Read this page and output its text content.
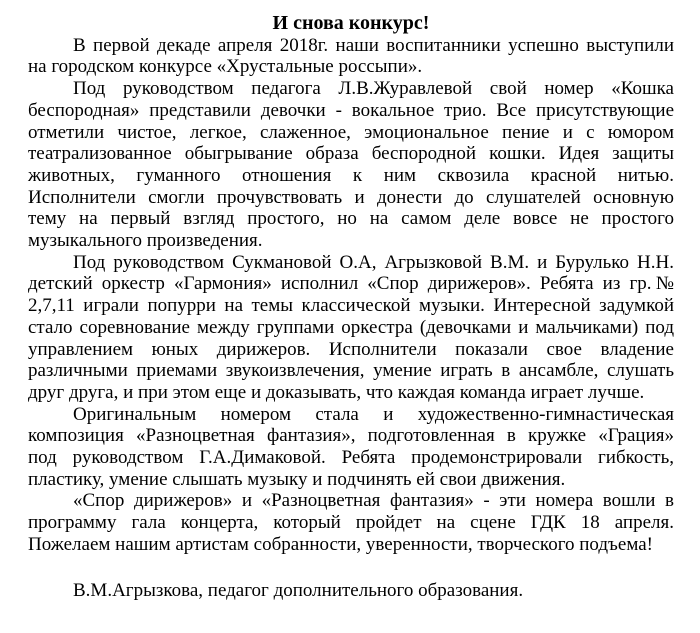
И снова конкурс!
В первой декаде апреля 2018г. наши воспитанники успешно выступили
на городском конкурсе «Хрустальные россыпи».
Под руководством педагога Л.В.Журавлевой свой номер «Кошка
беспородная» представили девочки - вокальное трио. Все присутствующие
отметили чистое, легкое, слаженное, эмоциональное пение и с юмором
театрализованное обыгрывание образа беспородной кошки. Идея защиты
животных, гуманного отношения к ним сквозила красной нитью.
Исполнители смогли прочувствовать и донести до слушателей основную
тему на первый взгляд простого, но на самом деле вовсе не простого
музыкального произведения.
Под руководством Сукмановой О.А, Агрызковой В.М. и Бурулько Н.Н.
детский оркестр «Гармония» исполнил «Спор дирижеров». Ребята из гр.№
2,7,11 играли попурри на темы классической музыки. Интересной задумкой
стало соревнование между группами оркестра (девочками и мальчиками) под
управлением юных дирижеров. Исполнители показали свое владение
различными приемами звукоизвлечения, умение играть в ансамбле, слушать
друг друга, и при этом еще и доказывать, что каждая команда играет лучше.
Оригинальным номером стала и художественно-гимнастическая
композиция «Разноцветная фантазия», подготовленная в кружке «Грация»
под руководством Г.А.Димаковой. Ребята продемонстрировали гибкость,
пластику, умение слышать музыку и подчинять ей свои движения.
«Спор дирижеров» и «Разноцветная фантазия» - эти номера вошли в
программу гала концерта, который пройдет на сцене ГДК 18 апреля.
Пожелаем нашим артистам собранности, уверенности, творческого подъема!

В.М.Агрызкова, педагог дополнительного образования.
